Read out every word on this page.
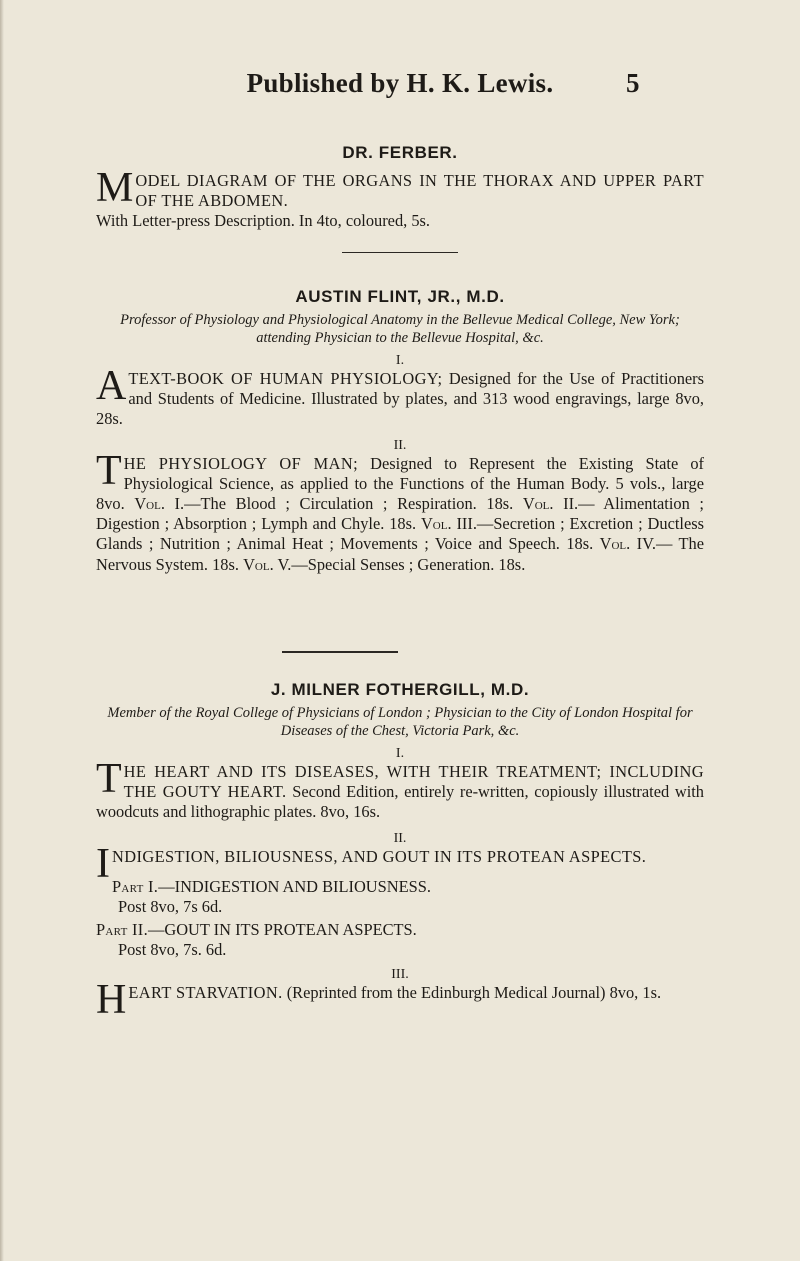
Published by H. K. Lewis.	5
DR. FERBER.
MODEL DIAGRAM OF THE ORGANS IN THE THORAX AND UPPER PART OF THE ABDOMEN.
With Letter-press Description. In 4to, coloured, 5s.
AUSTIN FLINT, JR., M.D.
Professor of Physiology and Physiological Anatomy in the Bellevue Medical College, New York; attending Physician to the Bellevue Hospital, &c.
I.
ATEXT-BOOK OF HUMAN PHYSIOLOGY; Designed for the Use of Practitioners and Students of Medicine. Illustrated by plates, and 313 wood engravings, large 8vo, 28s.
II.
THE PHYSIOLOGY OF MAN; Designed to Represent the Existing State of Physiological Science, as applied to the Functions of the Human Body. 5 vols., large 8vo. Vol. I.—The Blood ; Circulation ; Respiration. 18s. Vol. II.— Alimentation ; Digestion ; Absorption ; Lymph and Chyle. 18s. Vol. III.—Secretion ; Excretion ; Ductless Glands ; Nutrition ; Animal Heat ; Movements ; Voice and Speech. 18s. Vol. IV.— The Nervous System. 18s. Vol. V.—Special Senses ; Generation. 18s.
J. MILNER FOTHERGILL, M.D.
Member of the Royal College of Physicians of London ; Physician to the City of London Hospital for Diseases of the Chest, Victoria Park, &c.
I.
THE HEART AND ITS DISEASES, WITH THEIR TREATMENT; INCLUDING THE GOUTY HEART. Second Edition, entirely re-written, copiously illustrated with woodcuts and lithographic plates. 8vo, 16s.
II.
INDIGESTION, BILIOUSNESS, AND GOUT IN ITS PROTEAN ASPECTS.
Part I.—INDIGESTION AND BILIOUSNESS.
Post 8vo, 7s 6d.
Part II.—GOUT IN ITS PROTEAN ASPECTS.
Post 8vo, 7s. 6d.
III.
HEART STARVATION. (Reprinted from the Edinburgh Medical Journal) 8vo, 1s.
